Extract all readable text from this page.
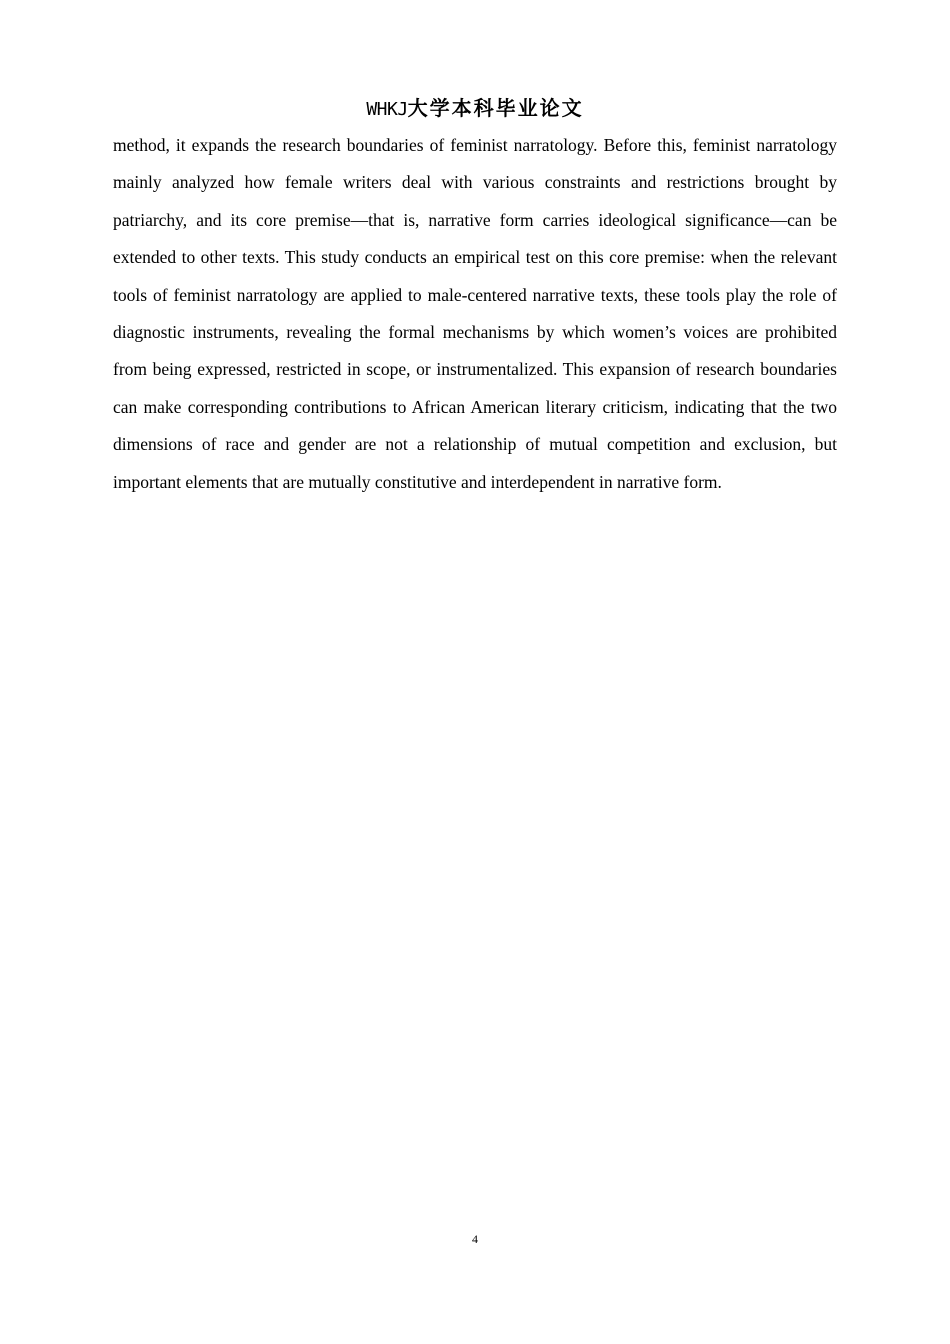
WHKJ大学本科毕业论文

method, it expands the research boundaries of feminist narratology. Before this, feminist narratology mainly analyzed how female writers deal with various constraints and restrictions brought by patriarchy, and its core premise—that is, narrative form carries ideological significance—can be extended to other texts. This study conducts an empirical test on this core premise: when the relevant tools of feminist narratology are applied to male-centered narrative texts, these tools play the role of diagnostic instruments, revealing the formal mechanisms by which women’s voices are prohibited from being expressed, restricted in scope, or instrumentalized. This expansion of research boundaries can make corresponding contributions to African American literary criticism, indicating that the two dimensions of race and gender are not a relationship of mutual competition and exclusion, but important elements that are mutually constitutive and interdependent in narrative form.

4
